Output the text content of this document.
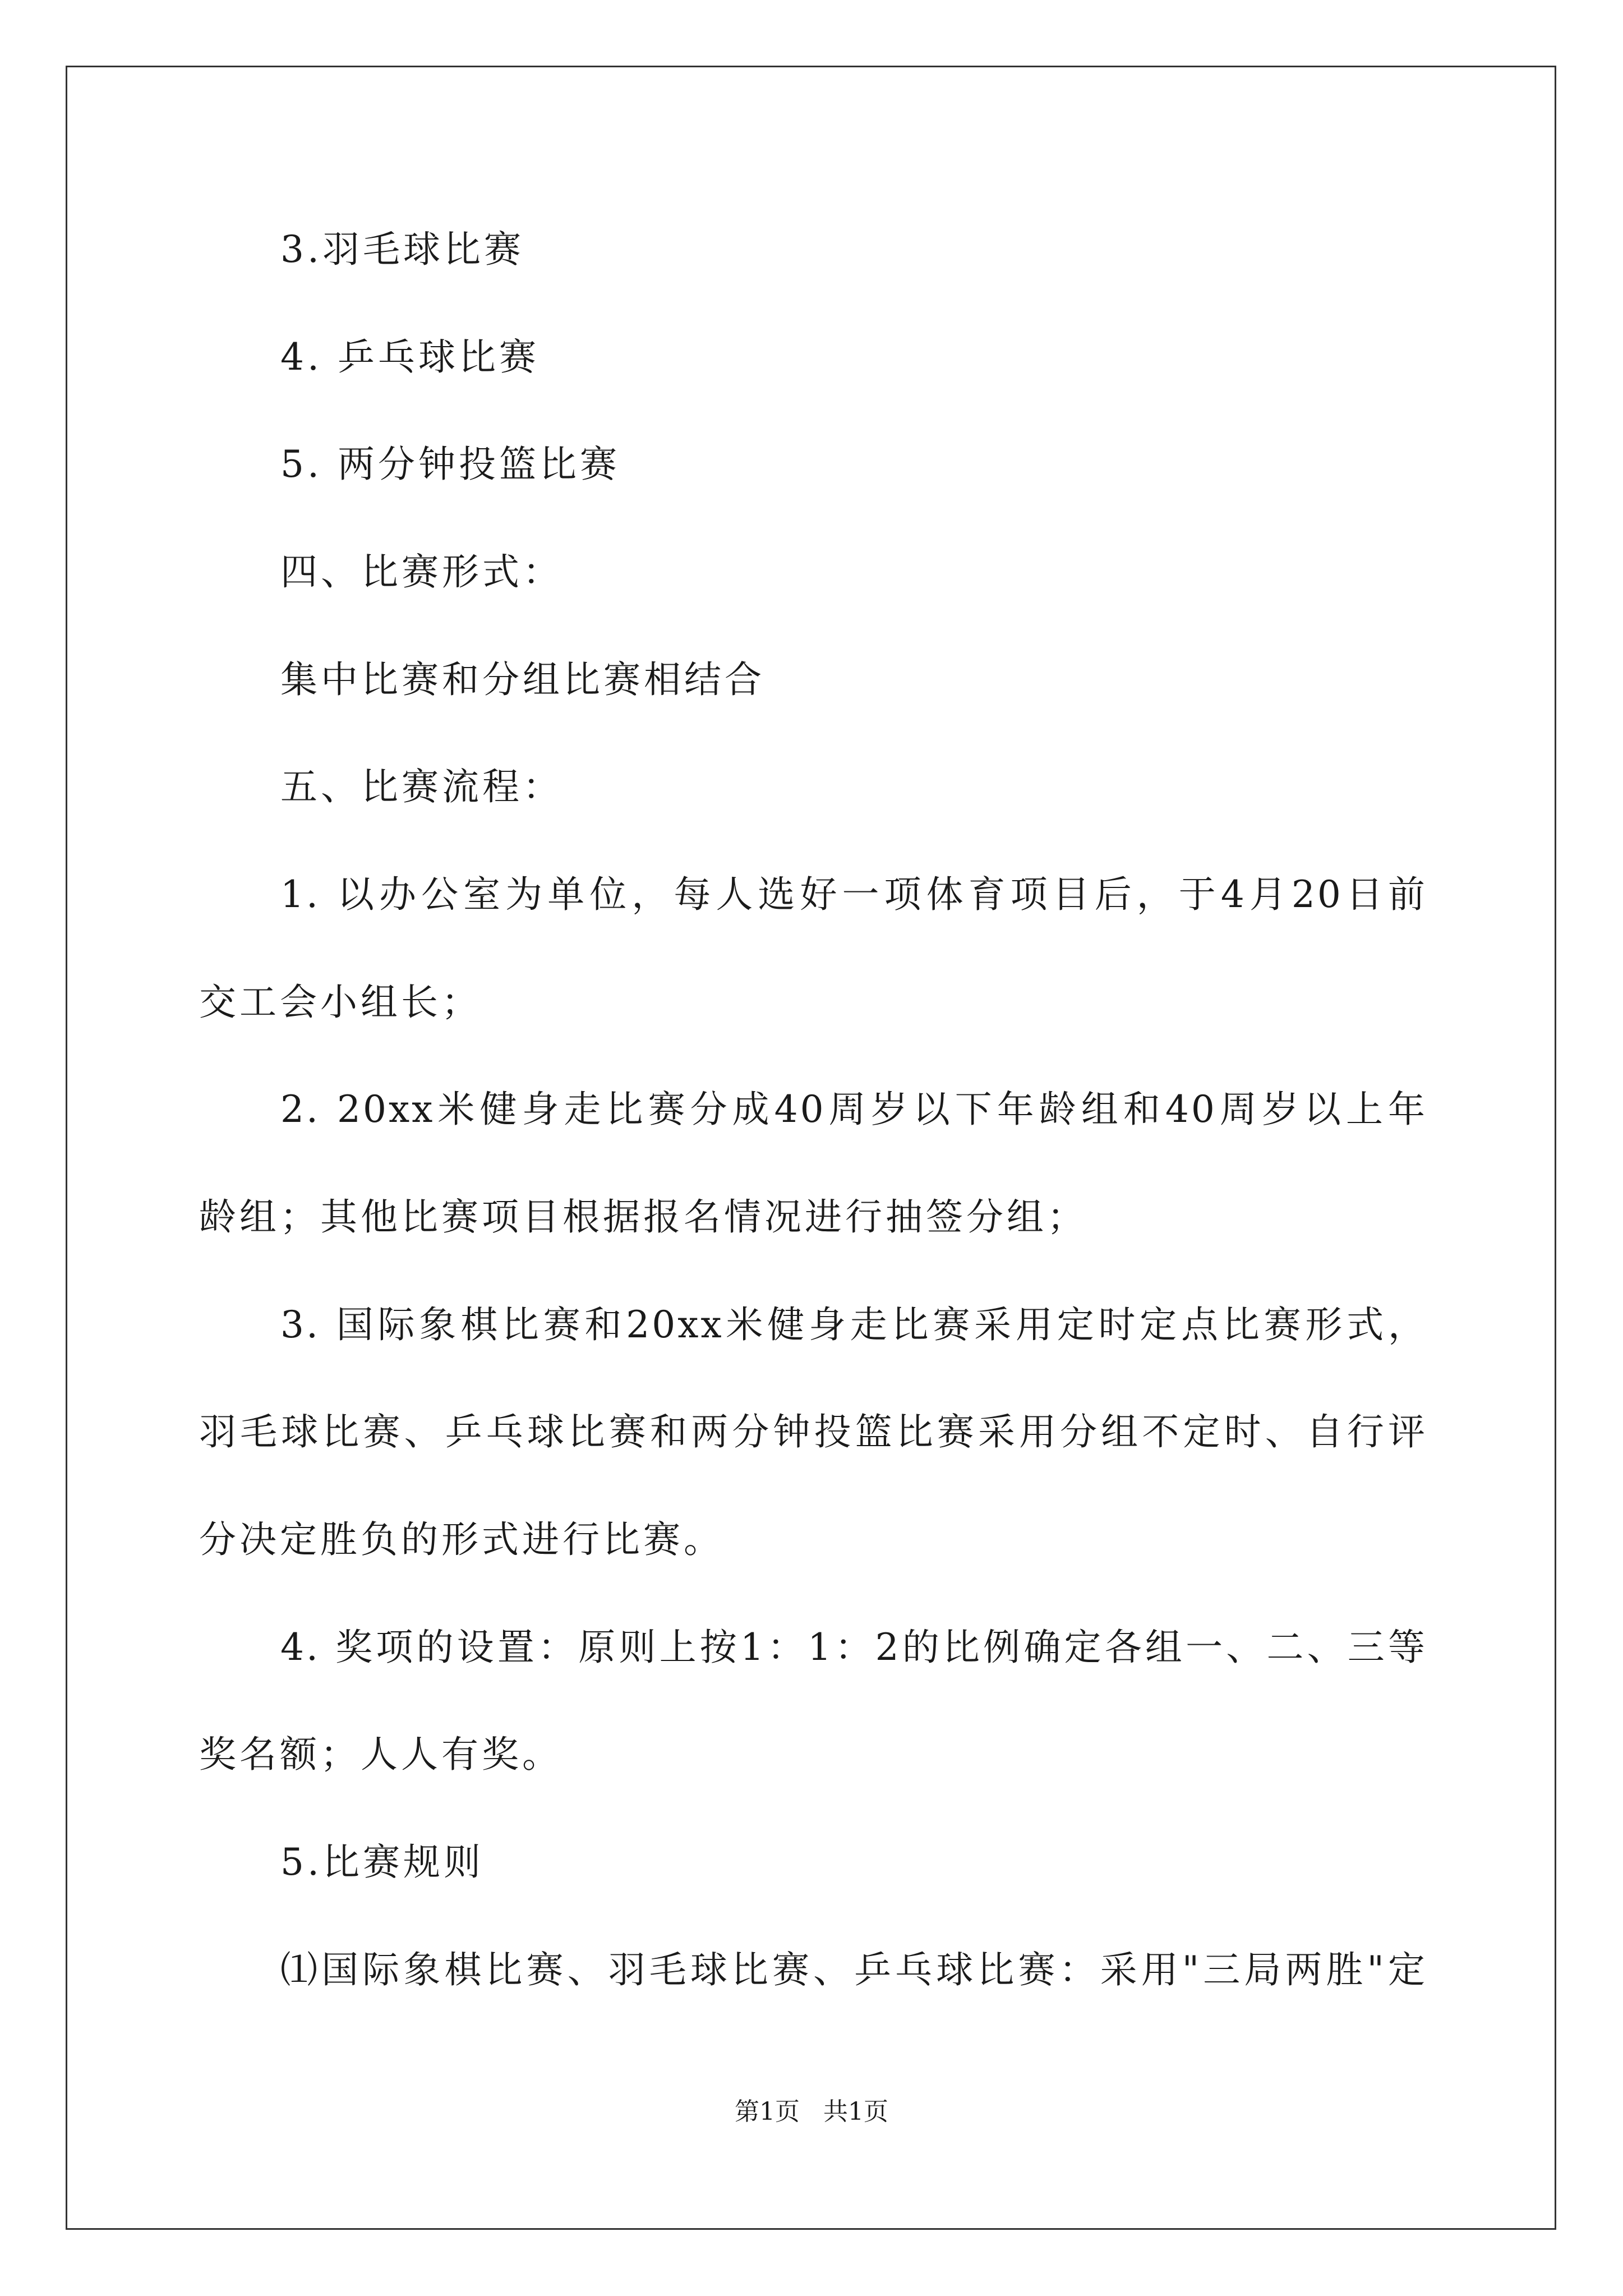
3.羽毛球比赛
4. 乒乓球比赛
5. 两分钟投篮比赛
四、比赛形式：
集中比赛和分组比赛相结合
五、比赛流程：
1. 以办公室为单位，每人选好一项体育项目后，于4月20日前
交工会小组长；
2. 20xx米健身走比赛分成40周岁以下年龄组和40周岁以上年
龄组；其他比赛项目根据报名情况进行抽签分组；
3. 国际象棋比赛和20xx米健身走比赛采用定时定点比赛形式，
羽毛球比赛、乒乓球比赛和两分钟投篮比赛采用分组不定时、自行评
分决定胜负的形式进行比赛。
4. 奖项的设置：原则上按1：1：2的比例确定各组一、二、三等
奖名额；人人有奖。
5.比赛规则
⑴国际象棋比赛、羽毛球比赛、乒乓球比赛：采用"三局两胜"定
第1页   共1页
